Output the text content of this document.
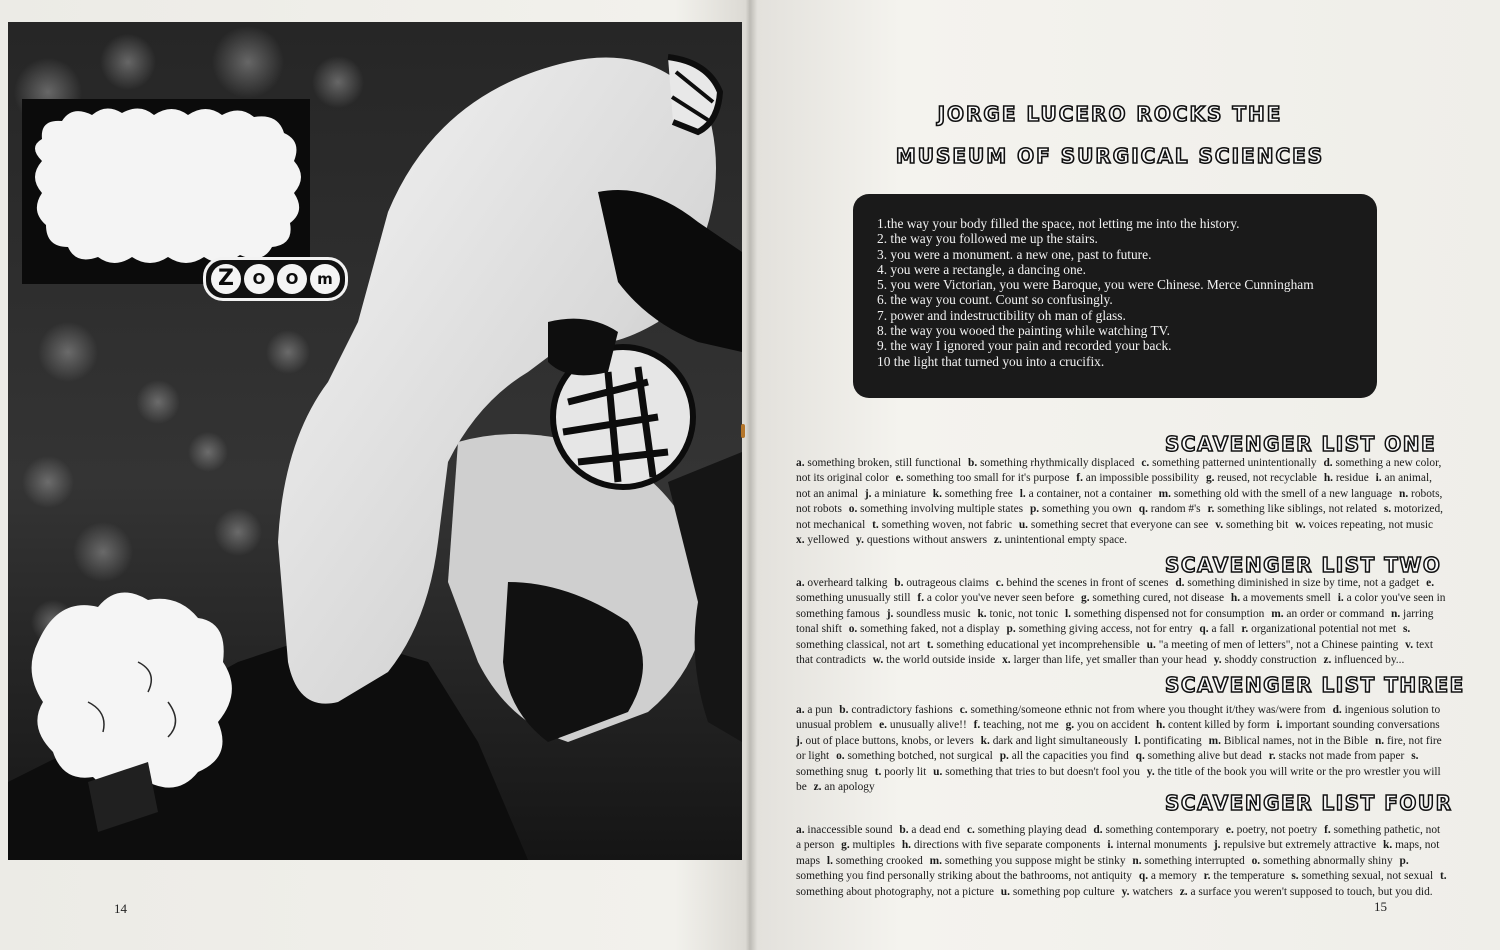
Z	O	O	m
14
JORGE LUCERO ROCKS THE
MUSEUM OF SURGICAL SCIENCES
1.the way your body filled the space, not letting me into the history.
2. the way you followed me up the stairs.
3. you were a monument. a new one, past to future.
4. you were a rectangle, a dancing one.
5. you were Victorian, you were Baroque, you were Chinese. Merce Cunningham
6. the way you count. Count so confusingly.
7. power and indestructibility oh man of glass.
8. the way you wooed the painting while watching TV.
9. the way I ignored your pain and recorded your back.
10 the light that turned you into a crucifix.
SCAVENGER LIST ONE
SCAVENGER LIST TWO
SCAVENGER LIST THREE
SCAVENGER LIST FOUR
a. something broken, still functional b. something rhythmically displaced c. something patterned unintentionally d. something a new color, not its original color e. something too small for it's purpose f. an impossible possibility g. reused, not recyclable h. residue i. an animal, not an animal j. a miniature k. something free l. a container, not a container m. something old with the smell of a new language n. robots, not robots o. something involving multiple states p. something you own q. random #'s r. something like siblings, not related s. motorized, not mechanical t. something woven, not fabric u. something secret that everyone can see v. something bit w. voices repeating, not music x. yellowed y. questions without answers z. unintentional empty space.
a. overheard talking b. outrageous claims c. behind the scenes in front of scenes d. something diminished in size by time, not a gadget e. something unusually still f. a color you've never seen before g. something cured, not disease h. a movements smell i. a color you've seen in something famous j. soundless music k. tonic, not tonic l. something dispensed not for consumption m. an order or command n. jarring tonal shift o. something faked, not a display p. something giving access, not for entry q. a fall r. organizational potential not met s. something classical, not art t. something educational yet incomprehensible u. "a meeting of men of letters", not a Chinese painting v. text that contradicts w. the world outside inside x. larger than life, yet smaller than your head y. shoddy construction z. influenced by...
a. a pun b. contradictory fashions c. something/someone ethnic not from where you thought it/they was/were from d. ingenious solution to unusual problem e. unusually alive!! f. teaching, not me g. you on accident h. content killed by form i. important sounding conversations j. out of place buttons, knobs, or levers k. dark and light simultaneously l. pontificating m. Biblical names, not in the Bible n. fire, not fire or light o. something botched, not surgical p. all the capacities you find q. something alive but dead r. stacks not made from paper s. something snug t. poorly lit u. something that tries to but doesn't fool you y. the title of the book you will write or the pro wrestler you will be z. an apology
a. inaccessible sound b. a dead end c. something playing dead d. something contemporary e. poetry, not poetry f. something pathetic, not a person g. multiples h. directions with five separate components i. internal monuments j. repulsive but extremely attractive k. maps, not maps l. something crooked m. something you suppose might be stinky n. something interrupted o. something abnormally shiny p. something you find personally striking about the bathrooms, not antiquity q. a memory r. the temperature s. something sexual, not sexual t. something about photography, not a picture u. something pop culture y. watchers z. a surface you weren't supposed to touch, but you did.
15
